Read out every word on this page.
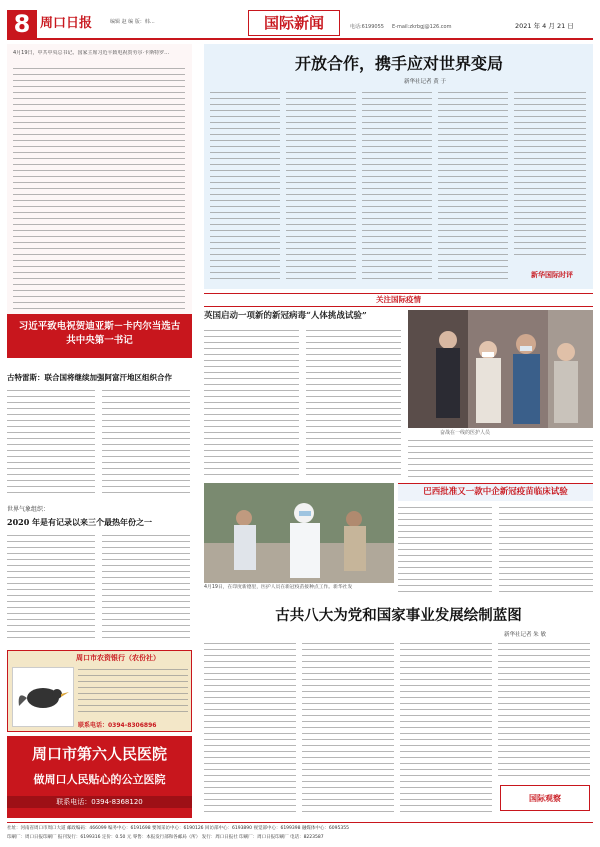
8 周口日报	编辑 赵 编 版：韩…	国际新闻	电话:6199055 E-mail:zkrbgj@126.com	2021 年 4 月 21 日
4月19日，中共中央总书记、国家主席习近平致电祝贺劳尔·卡斯特罗…
习近平致电祝贺迪亚斯－卡内尔当选古共中央第一书记
开放合作，携手应对世界变局
新华社记者 黄 于
新华国际时评
关注国际疫情
英国启动一项新的新冠病毒“人体挑战试验”
奋战在一线的医护人员
古特雷斯：联合国将继续加强阿富汗地区组织合作
世界气象组织：
2020 年是有记录以来三个最热年份之一
4月19日，在印度新德里，医护人员在新冠疫苗接种点工作。新华社发
巴西批准又一款中企新冠疫苗临床试验
古共八大为党和国家事业发展绘制蓝图
新华社记者 朱 敏
国际观察
周口市农资银行（农份社）
联系电话：0394-8306896
周口市第六人民医院
做周口人民贴心的公立医院
联系电话：0394-8368120
社址：河南省周口市周口大道 邮政编码：466099 编务中心：6191698 要闻采访中心：6190126 回访部中心：6193890 视觉部中心：6199398 融媒体中心：6095355
印刷厂：周口日报印刷厂 报刊发行：6199316 定价：0.50 元 零售：本报发行部和各邮局（所） 发行：周口日报社 印刷厂：周口日报印刷厂 电话：8223587
